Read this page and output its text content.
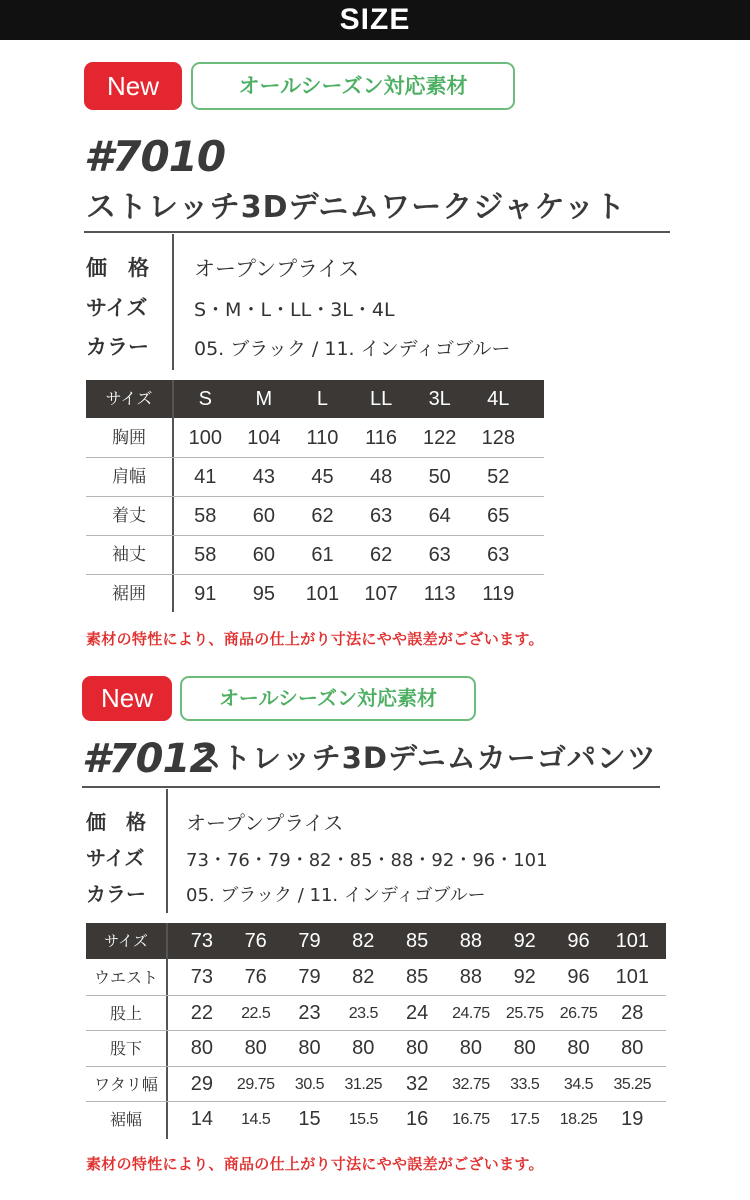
SIZE
New	オールシーズン対応素材
#7010
ストレッチ3Dデニムワークジャケット
価　格 オープンプライス
サイズ S・M・L・LL・3L・4L
カラー 05. ブラック / 11. インディゴブルー
サイズ	S	M	L	LL	3L	4L
胸囲	100	104	110	116	122	128
肩幅	41	43	45	48	50	52
着丈	58	60	62	63	64	65
袖丈	58	60	61	62	63	63
裾囲	91	95	101	107	113	119
素材の特性により、商品の仕上がり寸法にやや誤差がございます。
New	オールシーズン対応素材
#7012
ストレッチ3Dデニムカーゴパンツ
価　格 オープンプライス
サイズ 73・76・79・82・85・88・92・96・101
カラー 05. ブラック / 11. インディゴブルー
サイズ	73	76	79	82	85	88	92	96	101
ウエスト	73	76	79	82	85	88	92	96	101
股上	22	22.5	23	23.5	24	24.75	25.75	26.75	28
股下	80	80	80	80	80	80	80	80	80
ワタリ幅	29	29.75	30.5	31.25	32	32.75	33.5	34.5	35.25
裾幅	14	14.5	15	15.5	16	16.75	17.5	18.25	19
素材の特性により、商品の仕上がり寸法にやや誤差がございます。
